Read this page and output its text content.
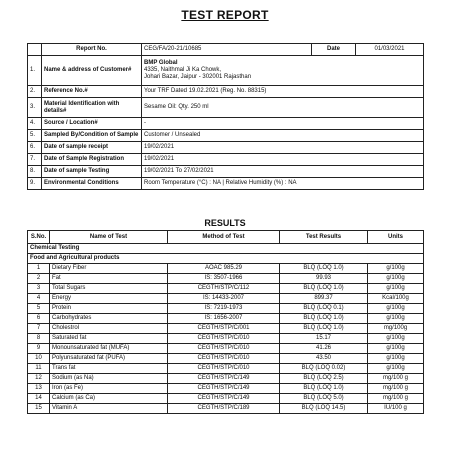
TEST REPORT
	Report No.	CEG/FA/20-21/10685	Date	01/03/2021
1.	Name & address of Customer#	BMP Global
4335, Naithmal Ji Ka Chowk,
Johari Bazar, Jaipur - 302001 Rajasthan		

2.	Reference No.#	Your TRF Dated 19.02.2021 (Reg. No. 88315)		

3.	Material Identification with details#	Sesame Oil: Qty. 250 ml		

4.	Source / Location#	-		

5.	Sampled By/Condition of Sample	Customer / Unsealed		

6.	Date of sample receipt	19/02/2021		

7.	Date of Sample Registration	19/02/2021		

8.	Date of sample Testing	19/02/2021 To 27/02/2021		

9.	Environmental Conditions	Room Temperature (°C) : NA | Relative Humidity (%) : NA		
RESULTS
S.No.	Name of Test	Method of Test	Test Results	Units
Chemical Testing				
Food and Agricultural products				
1	Dietary Fiber	AOAC 985.29	BLQ (LOQ 1.0)	g/100g
2	Fat	IS: 3507-1966	99.93	g/100g
3	Total Sugars	CEGTH/STP/C/112	BLQ (LOQ 1.0)	g/100g
4	Energy	IS: 14433-2007	899.37	Kcal/100g
5	Protein	IS: 7219-1973	BLQ (LOQ 0.1)	g/100g
6	Carbohydrates	IS: 1656-2007	BLQ (LOQ 1.0)	g/100g
7	Cholestrol	CEGTH/STP/C/001	BLQ (LOQ 1.0)	mg/100g
8	Saturated fat	CEGTH/STP/C/010	15.17	g/100g
9	Monounsaturated fat (MUFA)	CEGTH/STP/C/010	41.26	g/100g
10	Polyunsaturated fat (PUFA)	CEGTH/STP/C/010	43.50	g/100g
11	Trans fat	CEGTH/STP/C/010	BLQ (LOQ 0.02)	g/100g
12	Sodium (as Na)	CEGTH/STP/C/149	BLQ (LOQ 2.5)	mg/100 g
13	Iron (as Fe)	CEGTH/STP/C/149	BLQ (LOQ 1.0)	mg/100 g
14	Calcium (as Ca)	CEGTH/STP/C/149	BLQ (LOQ 5.0)	mg/100 g
15	Vitamin A	CEGTH/STP/C/189	BLQ (LOQ 14.5)	IU/100 g
